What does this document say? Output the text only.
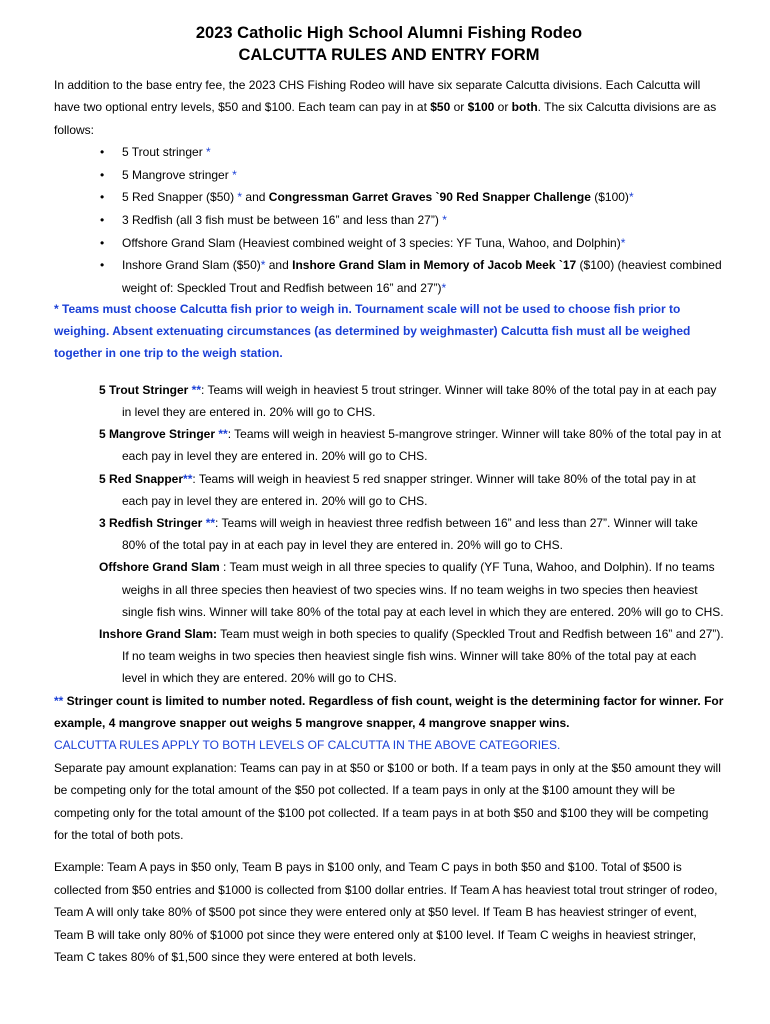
2023 Catholic High School Alumni Fishing Rodeo
CALCUTTA RULES AND ENTRY FORM

In addition to the base entry fee, the 2023 CHS Fishing Rodeo will have six separate Calcutta divisions. Each Calcutta will have two optional entry levels, $50 and $100. Each team can pay in at $50 or $100 or both. The six Calcutta divisions are as follows:

• 5 Trout stringer *
• 5 Mangrove stringer *
• 5 Red Snapper ($50) * and Congressman Garret Graves `90 Red Snapper Challenge ($100)*
• 3 Redfish (all 3 fish must be between 16” and less than 27”) *
• Offshore Grand Slam (Heaviest combined weight of 3 species: YF Tuna, Wahoo, and Dolphin)*
• Inshore Grand Slam ($50)* and Inshore Grand Slam in Memory of Jacob Meek `17 ($100) (heaviest combined weight of: Speckled Trout and Redfish between 16” and 27”)*

* Teams must choose Calcutta fish prior to weigh in. Tournament scale will not be used to choose fish prior to weighing. Absent extenuating circumstances (as determined by weighmaster) Calcutta fish must all be weighed together in one trip to the weigh station.

5 Trout Stringer **: Teams will weigh in heaviest 5 trout stringer. Winner will take 80% of the total pay in at each pay in level they are entered in. 20% will go to CHS.

5 Mangrove Stringer **: Teams will weigh in heaviest 5-mangrove stringer. Winner will take 80% of the total pay in at each pay in level they are entered in. 20% will go to CHS.

5 Red Snapper**: Teams will weigh in heaviest 5 red snapper stringer. Winner will take 80% of the total pay in at each pay in level they are entered in. 20% will go to CHS.

3 Redfish Stringer **: Teams will weigh in heaviest three redfish between 16” and less than 27”. Winner will take 80% of the total pay in at each pay in level they are entered in. 20% will go to CHS.

Offshore Grand Slam : Team must weigh in all three species to qualify (YF Tuna, Wahoo, and Dolphin). If no teams weighs in all three species then heaviest of two species wins. If no team weighs in two species then heaviest single fish wins. Winner will take 80% of the total pay at each level in which they are entered. 20% will go to CHS.

Inshore Grand Slam: Team must weigh in both species to qualify (Speckled Trout and Redfish between 16” and 27”). If no team weighs in two species then heaviest single fish wins. Winner will take 80% of the total pay at each level in which they are entered. 20% will go to CHS.

** Stringer count is limited to number noted. Regardless of fish count, weight is the determining factor for winner. For example, 4 mangrove snapper out weighs 5 mangrove snapper, 4 mangrove snapper wins.

CALCUTTA RULES APPLY TO BOTH LEVELS OF CALCUTTA IN THE ABOVE CATEGORIES.

Separate pay amount explanation: Teams can pay in at $50 or $100 or both. If a team pays in only at the $50 amount they will be competing only for the total amount of the $50 pot collected. If a team pays in only at the $100 amount they will be competing only for the total amount of the $100 pot collected. If a team pays in at both $50 and $100 they will be competing for the total of both pots.

Example: Team A pays in $50 only, Team B pays in $100 only, and Team C pays in both $50 and $100. Total of $500 is collected from $50 entries and $1000 is collected from $100 dollar entries. If Team A has heaviest total trout stringer of rodeo, Team A will only take 80% of $500 pot since they were entered only at $50 level. If Team B has heaviest stringer of event, Team B will take only 80% of $1000 pot since they were entered only at $100 level. If Team C weighs in heaviest stringer, Team C takes 80% of $1,500 since they were entered at both levels.
